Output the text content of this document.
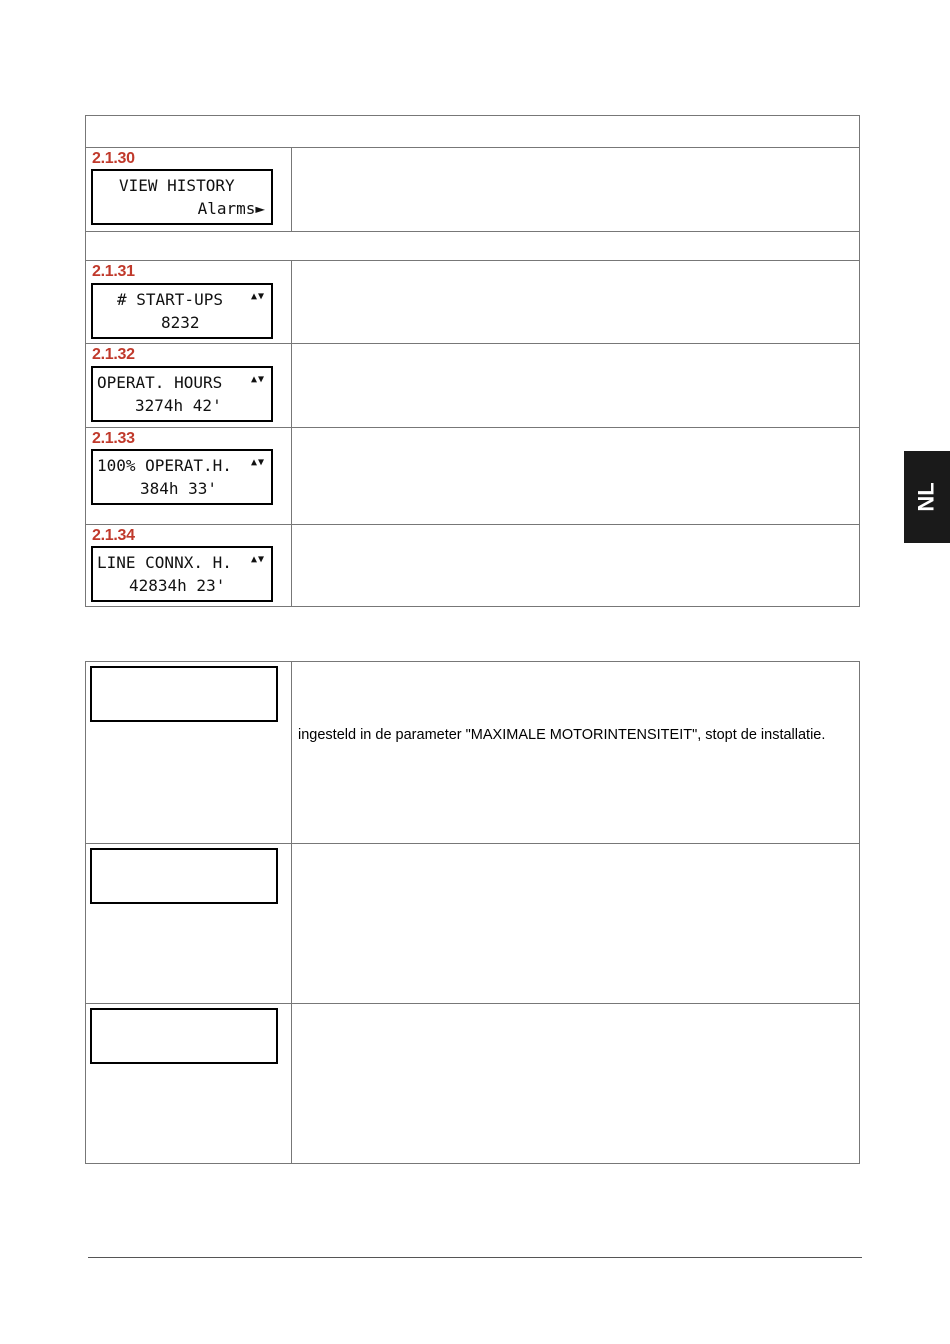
2.1.30
VIEW HISTORY
Alarms►
2.1.31
# START-UPS	▲▼
8232
2.1.32
OPERAT. HOURS	▲▼
3274h 42'
2.1.33
100% OPERAT.H. ▲▼
384h 33'
2.1.34
LINE CONNX. H. ▲▼
42834h 23'
NL
ingesteld in de parameter "MAXIMALE MOTORINTENSITEIT", stopt de installatie.
